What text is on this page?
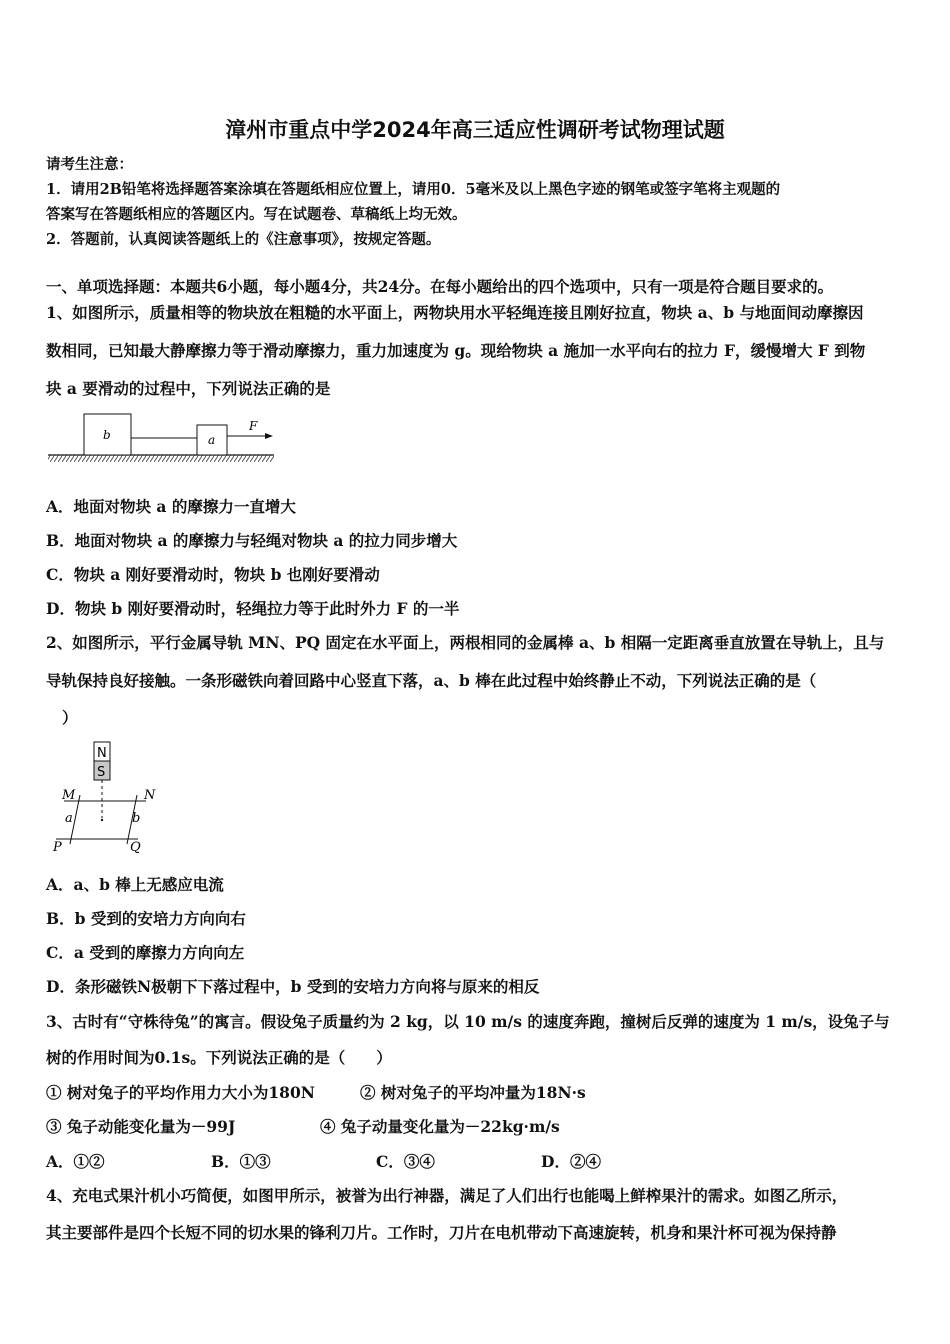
漳州市重点中学2024年高三适应性调研考试物理试题
请考生注意：
1．请用2B铅笔将选择题答案涂填在答题纸相应位置上，请用0．5毫米及以上黑色字迹的钢笔或签字笔将主观题的
答案写在答题纸相应的答题区内。写在试题卷、草稿纸上均无效。
2．答题前，认真阅读答题纸上的《注意事项》，按规定答题。
一、单项选择题：本题共6小题，每小题4分，共24分。在每小题给出的四个选项中，只有一项是符合题目要求的。
1、如图所示，质量相等的物块放在粗糙的水平面上，两物块用水平轻绳连接且刚好拉直，物块 a、b 与地面间动摩擦因
数相同，已知最大静摩擦力等于滑动摩擦力，重力加速度为 g。现给物块 a 施加一水平向右的拉力 F，缓慢增大 F 到物
块 a 要滑动的过程中，下列说法正确的是
b	a
F
A．地面对物块 a 的摩擦力一直增大
B．地面对物块 a 的摩擦力与轻绳对物块 a 的拉力同步增大
C．物块 a 刚好要滑动时，物块 b 也刚好要滑动
D．物块 b 刚好要滑动时，轻绳拉力等于此时外力 F 的一半
2、如图所示，平行金属导轨 MN、PQ 固定在水平面上，两根相同的金属棒 a、b 相隔一定距离垂直放置在导轨上，且与
导轨保持良好接触。一条形磁铁向着回路中心竖直下落，a、b 棒在此过程中始终静止不动，下列说法正确的是（
）
N
S
M	N
P	Q
a	b
A．a、b 棒上无感应电流
B．b 受到的安培力方向向右
C．a 受到的摩擦力方向向左
D．条形磁铁N极朝下下落过程中，b 受到的安培力方向将与原来的相反
3、古时有“守株待兔”的寓言。假设兔子质量约为 2 kg，以 10 m/s 的速度奔跑，撞树后反弹的速度为 1 m/s，设兔子与
树的作用时间为0.1s。下列说法正确的是（　　）
① 树对兔子的平均作用力大小为180N	② 树对兔子的平均冲量为18N·s
③ 兔子动能变化量为－99J	④ 兔子动量变化量为－22kg·m/s
A．①②	B．①③	C．③④	D．②④
4、充电式果汁机小巧简便，如图甲所示，被誉为出行神器，满足了人们出行也能喝上鲜榨果汁的需求。如图乙所示，
其主要部件是四个长短不同的切水果的锋利刀片。工作时，刀片在电机带动下高速旋转，机身和果汁杯可视为保持静
